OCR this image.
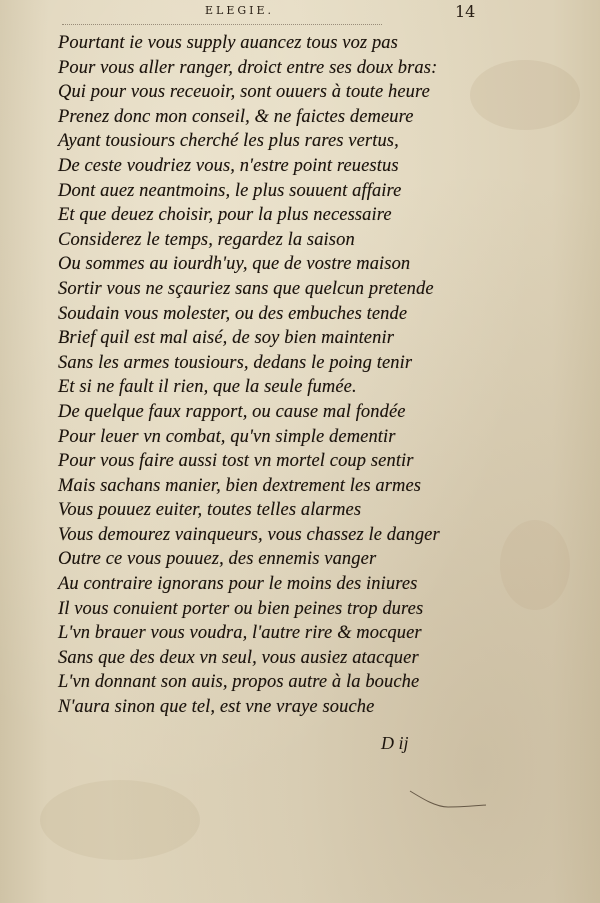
ELEGIE.	14
Pourtant ie vous supply auancez tous voz pas
Pour vous aller ranger, droict entre ses doux bras:
Qui pour vous receuoir, sont ouuers à toute heure
Prenez donc mon conseil, & ne faictes demeure
Ayant tousiours cherché les plus rares vertus,
De ceste voudriez vous, n'estre point reuestus
Dont auez neantmoins, le plus souuent affaire
Et que deuez choisir, pour la plus necessaire
Considerez le temps, regardez la saison
Ou sommes au iourdh'uy, que de vostre maison
Sortir vous ne sçauriez sans que quelcun pretende
Soudain vous molester, ou des embuches tende
Brief quil est mal aisé, de soy bien maintenir
Sans les armes tousiours, dedans le poing tenir
Et si ne fault il rien, que la seule fumée.
De quelque faux rapport, ou cause mal fondée
Pour leuer vn combat, qu'vn simple dementir
Pour vous faire aussi tost vn mortel coup sentir
Mais sachans manier, bien dextrement les armes
Vous pouuez euiter, toutes telles alarmes
Vous demourez vainqueurs, vous chassez le danger
Outre ce vous pouuez, des ennemis vanger
Au contraire ignorans pour le moins des iniures
Il vous conuient porter ou bien peines trop dures
L'vn brauer vous voudra, l'autre rire & mocquer
Sans que des deux vn seul, vous ausiez atacquer
L'vn donnant son auis, propos autre à la bouche
N'aura sinon que tel, est vne vraye souche
D ij
